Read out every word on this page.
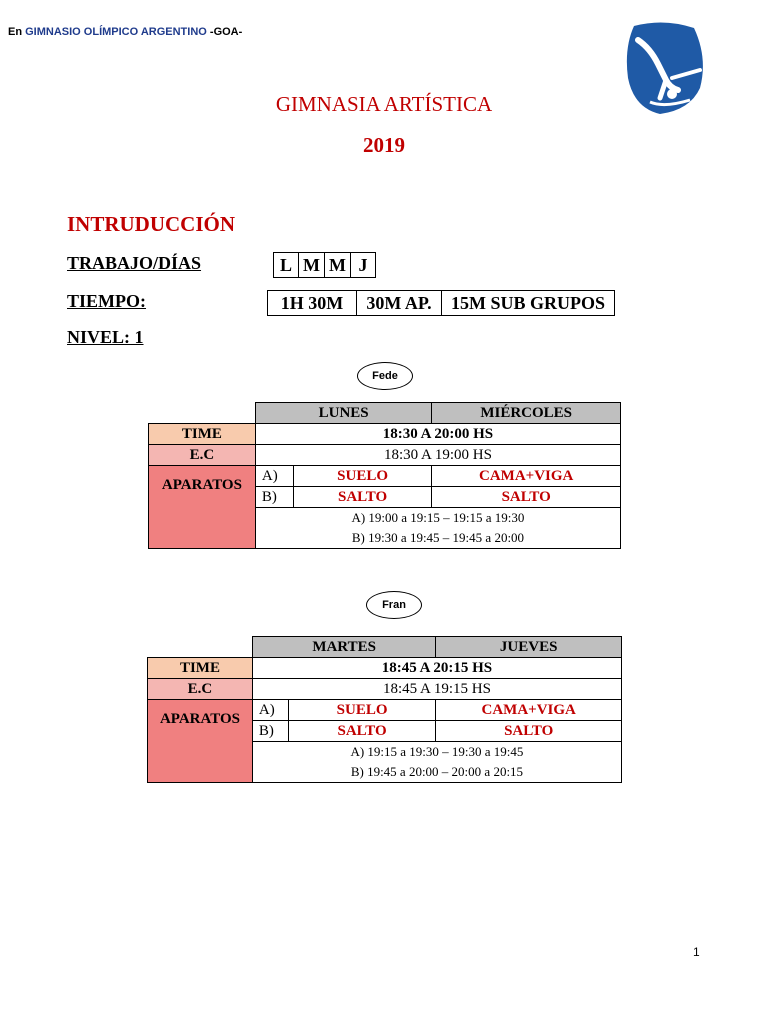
En GIMNASIO OLÍMPICO ARGENTINO -GOA-
GIMNASIA ARTÍSTICA
2019
INTRUDUCCIÓN
TRABAJO/DÍAS	L	M	M	J
TIEMPO:	1H 30M	30M AP.	15M SUB GRUPOS
NIVEL: 1
Fede
	LUNES		MIÉRCOLES
TIME	18:30 A 20:00 HS		
E.C	18:30 A 19:00 HS		
APARATOS	A)	SUELO	CAMA+VIGA
	B)	SALTO	SALTO
	A) 19:00 a 19:15 – 19:15 a 19:30		
	B) 19:30 a 19:45 – 19:45 a 20:00		
Fran
	MARTES		JUEVES
TIME	18:45 A 20:15 HS		
E.C	18:45 A 19:15 HS		
APARATOS	A)	SUELO	CAMA+VIGA
	B)	SALTO	SALTO
	A) 19:15 a 19:30 – 19:30 a 19:45		
	B) 19:45 a 20:00 – 20:00 a 20:15		
1
